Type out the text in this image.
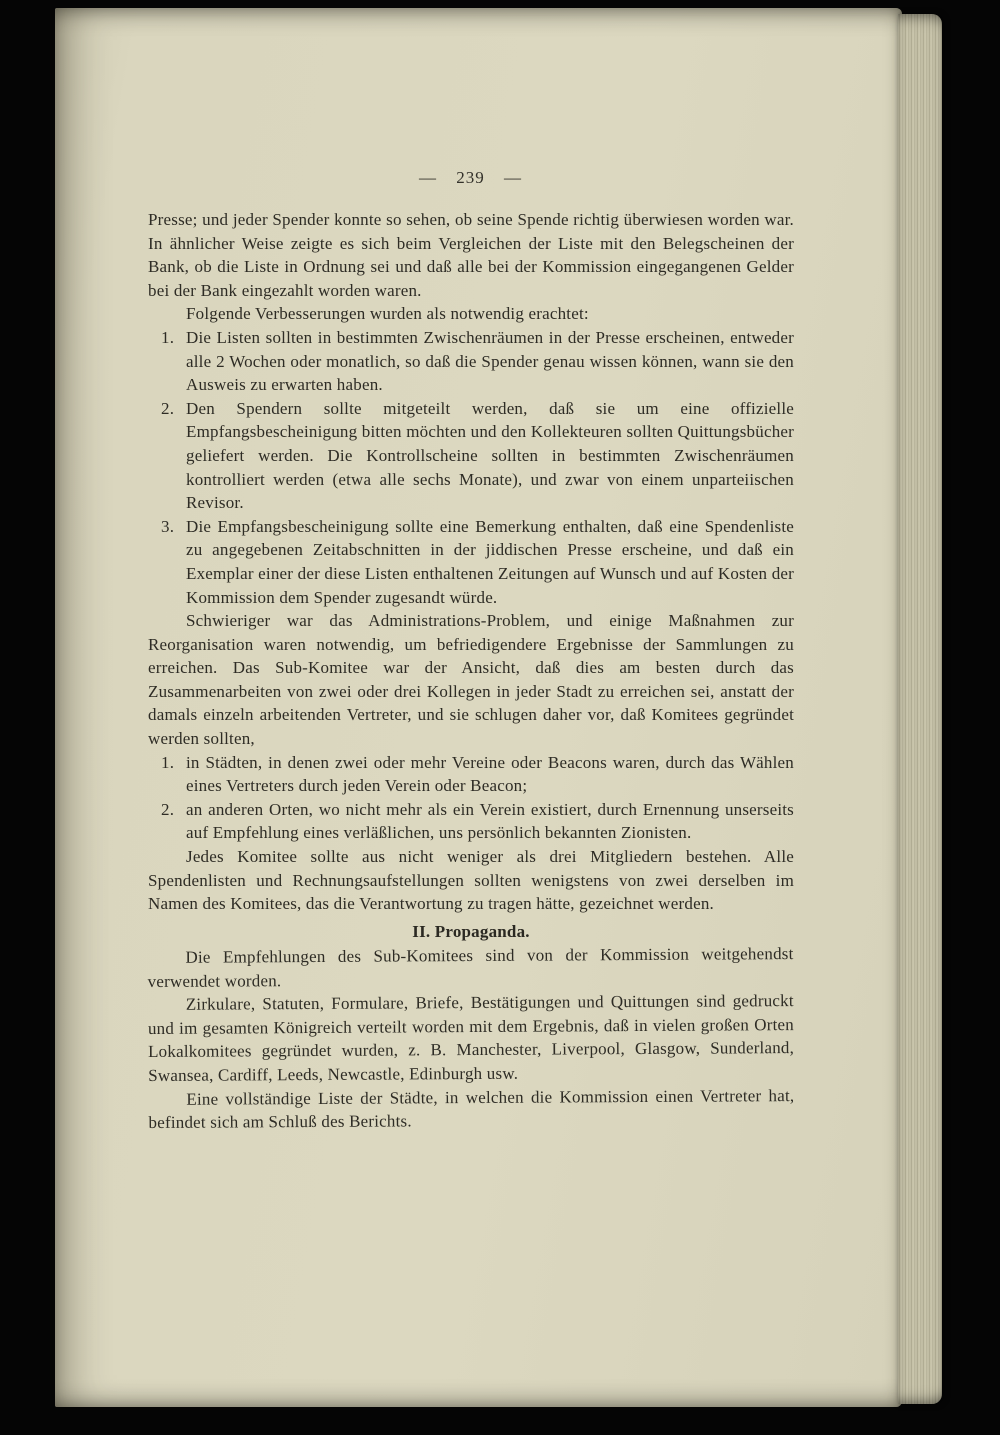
— 239 —

Presse; und jeder Spender konnte so sehen, ob seine Spende richtig überwiesen worden war. In ähnlicher Weise zeigte es sich beim Vergleichen der Liste mit den Belegscheinen der Bank, ob die Liste in Ordnung sei und daß alle bei der Kommission eingegangenen Gelder bei der Bank eingezahlt worden waren.

Folgende Verbesserungen wurden als notwendig erachtet:

1. Die Listen sollten in bestimmten Zwischenräumen in der Presse erscheinen, entweder alle 2 Wochen oder monatlich, so daß die Spender genau wissen können, wann sie den Ausweis zu erwarten haben.
2. Den Spendern sollte mitgeteilt werden, daß sie um eine offizielle Empfangsbescheinigung bitten möchten und den Kollekteuren sollten Quittungsbücher geliefert werden. Die Kontrollscheine sollten in bestimmten Zwischenräumen kontrolliert werden (etwa alle sechs Monate), und zwar von einem unparteiischen Revisor.
3. Die Empfangsbescheinigung sollte eine Bemerkung enthalten, daß eine Spendenliste zu angegebenen Zeitabschnitten in der jiddischen Presse erscheine, und daß ein Exemplar einer der diese Listen enthaltenen Zeitungen auf Wunsch und auf Kosten der Kommission dem Spender zugesandt würde.

Schwieriger war das Administrations-Problem, und einige Maßnahmen zur Reorganisation waren notwendig, um befriedigendere Ergebnisse der Sammlungen zu erreichen. Das Sub-Komitee war der Ansicht, daß dies am besten durch das Zusammenarbeiten von zwei oder drei Kollegen in jeder Stadt zu erreichen sei, anstatt der damals einzeln arbeitenden Vertreter, und sie schlugen daher vor, daß Komitees gegründet werden sollten,

1. in Städten, in denen zwei oder mehr Vereine oder Beacons waren, durch das Wählen eines Vertreters durch jeden Verein oder Beacon;
2. an anderen Orten, wo nicht mehr als ein Verein existiert, durch Ernennung unserseits auf Empfehlung eines verläßlichen, uns persönlich bekannten Zionisten.

Jedes Komitee sollte aus nicht weniger als drei Mitgliedern bestehen. Alle Spendenlisten und Rechnungsaufstellungen sollten wenigstens von zwei derselben im Namen des Komitees, das die Verantwortung zu tragen hätte, gezeichnet werden.

II. Propaganda.

Die Empfehlungen des Sub-Komitees sind von der Kommission weitgehendst verwendet worden.

Zirkulare, Statuten, Formulare, Briefe, Bestätigungen und Quittungen sind gedruckt und im gesamten Königreich verteilt worden mit dem Ergebnis, daß in vielen großen Orten Lokalkomitees gegründet wurden, z. B. Manchester, Liverpool, Glasgow, Sunderland, Swansea, Cardiff, Leeds, Newcastle, Edinburgh usw.

Eine vollständige Liste der Städte, in welchen die Kommission einen Vertreter hat, befindet sich am Schluß des Berichts.
